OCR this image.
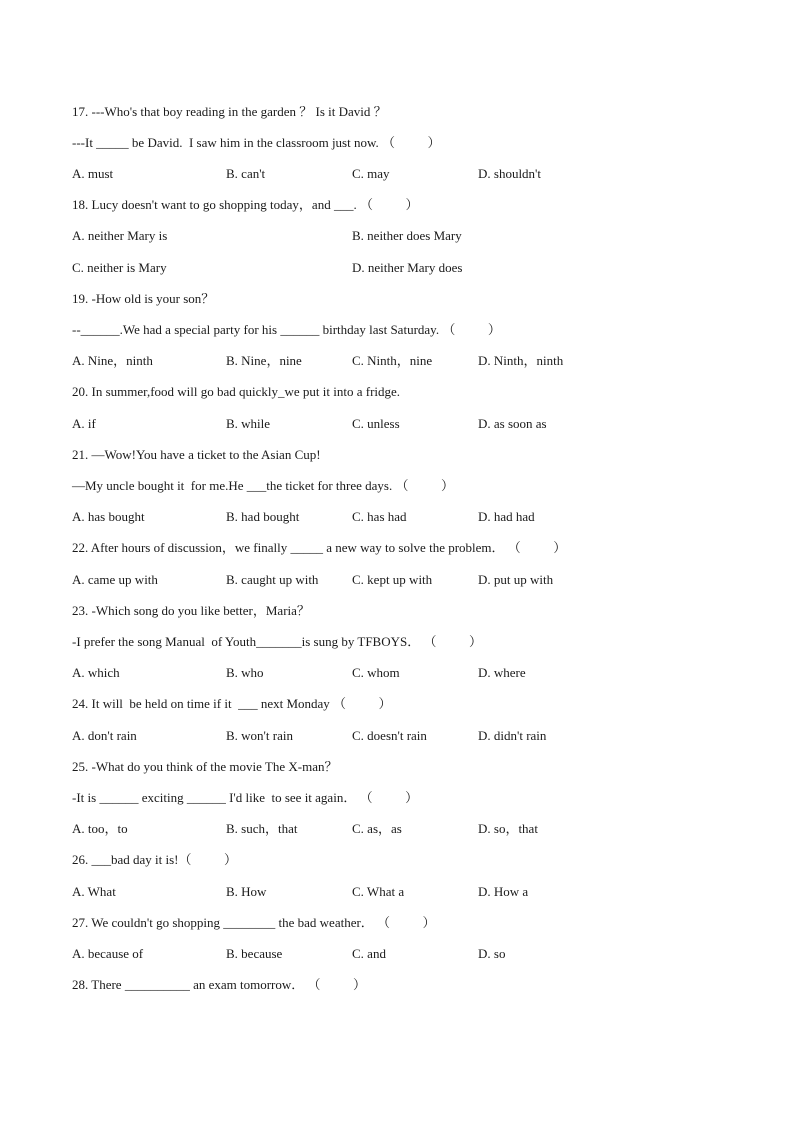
17. ---Who's that boy reading in the garden ？ Is it David ？
---It _____ be David.  I saw him in the classroom just now. （          ）
A. must	B. can't	C. may	D. shouldn't
18. Lucy doesn't want to go shopping today，and ___. （          ）
A. neither Mary is	B. neither does Mary
C. neither is Mary	D. neither Mary does
19. -How old is your son？
--______.We had a special party for his ______ birthday last Saturday. （          ）
A. Nine，ninth	B. Nine，nine	C. Ninth，nine	D. Ninth，ninth
20. In summer,food will go bad quickly_we put it into a fridge.
A. if	B. while	C. unless	D. as soon as
21. —Wow!You have a ticket to the Asian Cup!
—My uncle bought it  for me.He ___the ticket for three days. （          ）
A. has bought	B. had bought	C. has had	D. had had
22. After hours of discussion，we finally _____ a new way to solve the problem． （          ）
A. came up with	B. caught up with	C. kept up with	D. put up with
23. -Which song do you like better，Maria？
-I prefer the song Manual  of Youth_______is sung by TFBOYS． （          ）
A. which	B. who	C. whom	D. where
24. It will  be held on time if it  ___ next Monday （          ）
A. don't rain	B. won't rain	C. doesn't rain	D. didn't rain
25. -What do you think of the movie The X-man？
-It is ______ exciting ______ I'd like  to see it again． （          ）
A. too，to	B. such，that	C. as，as	D. so，that
26. ___bad day it is!（          ）
A. What	B. How	C. What a	D. How a
27. We couldn't go shopping ________ the bad weather． （          ）
A. because of	B. because	C. and	D. so
28. There __________ an exam tomorrow． （          ）
